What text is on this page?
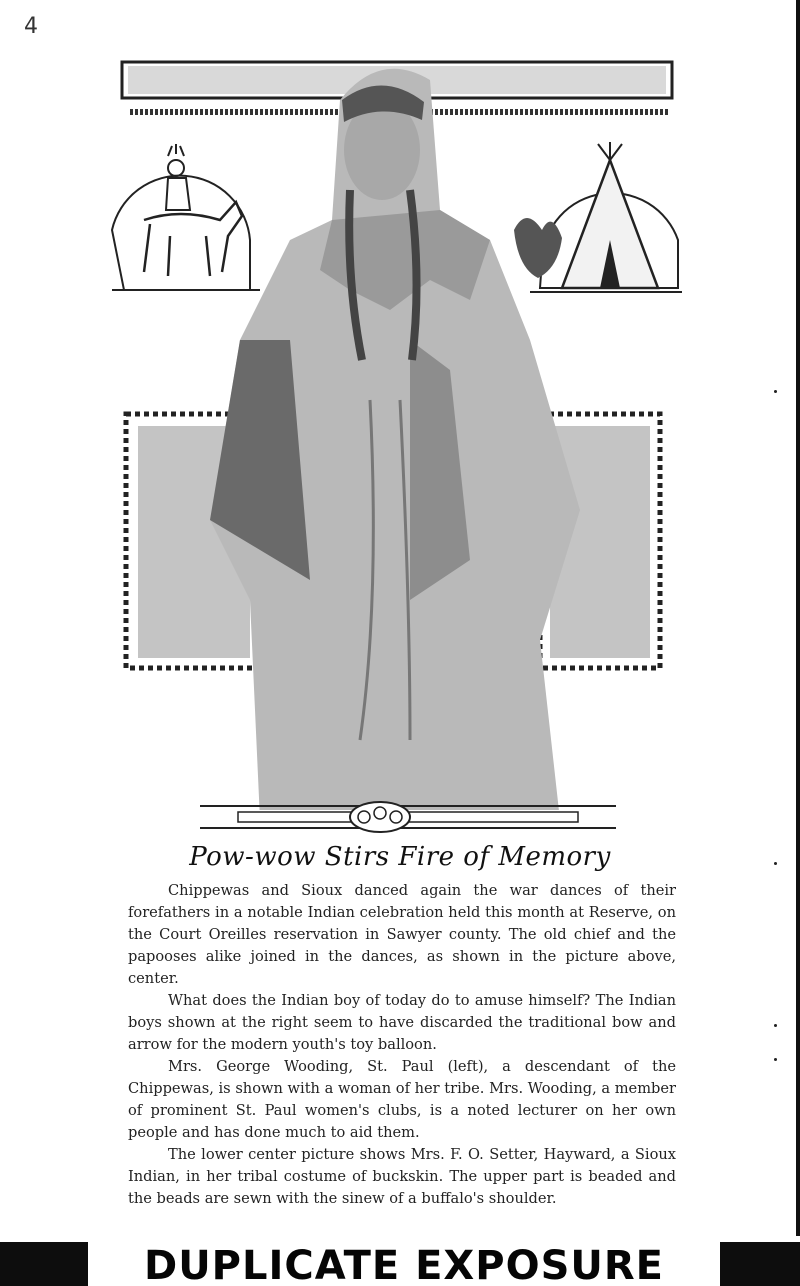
4
Pow-wow Stirs Fire of Memory

Chippewas and Sioux danced again the war dances of their forefathers in a notable Indian celebration held this month at Reserve, on the Court Oreilles reservation in Sawyer county. The old chief and the papooses alike joined in the dances, as shown in the picture above, center.

What does the Indian boy of today do to amuse himself? The Indian boys shown at the right seem to have discarded the traditional bow and arrow for the modern youth's toy balloon.

Mrs. George Wooding, St. Paul (left), a descendant of the Chippewas, is shown with a woman of her tribe. Mrs. Wooding, a member of prominent St. Paul women's clubs, is a noted lecturer on her own people and has done much to aid them.

The lower center picture shows Mrs. F. O. Setter, Hayward, a Sioux Indian, in her tribal costume of buckskin. The upper part is beaded and the beads are sewn with the sinew of a buffalo's shoulder.

DUPLICATE EXPOSURE
